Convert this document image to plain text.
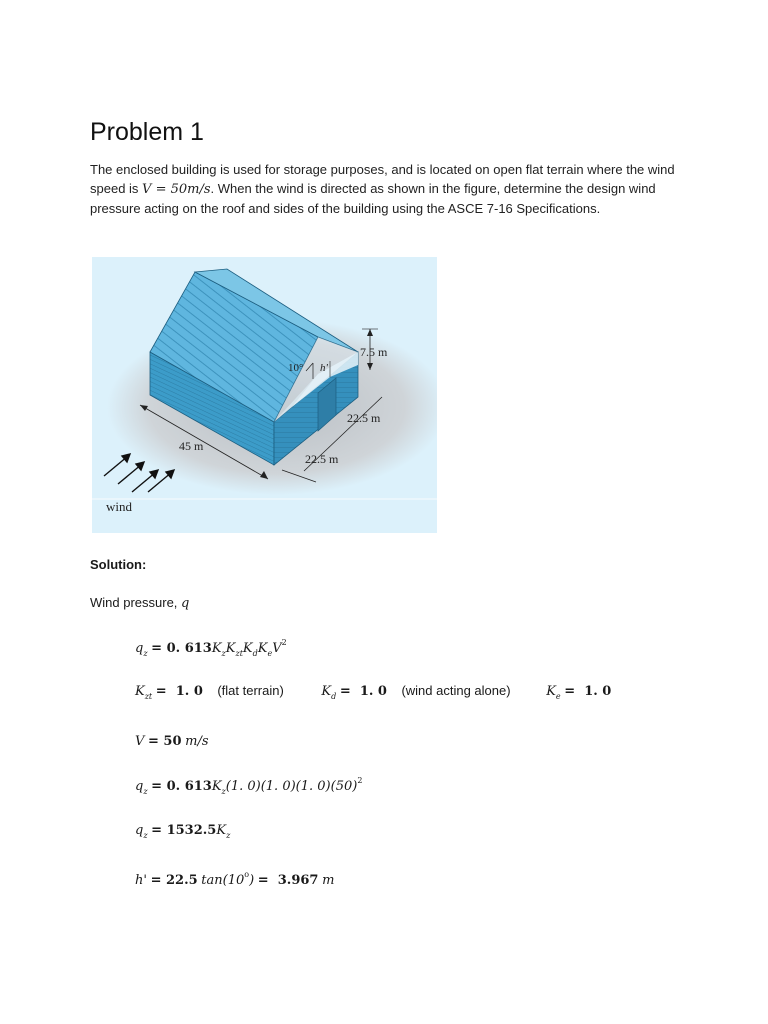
Problem 1
The enclosed building is used for storage purposes, and is located on open flat terrain where the wind speed is V = 50m/s. When the wind is directed as shown in the figure, determine the design wind pressure acting on the roof and sides of the building using the ASCE 7-16 Specifications.
7.5 m
10° h'
22.5 m
22.5 m
45 m
wind
Solution:
Wind pressure, q
$q_z = 0$. $613K_zK_{zt}K_dK_eV^2$
$K_{zt} = 1$. 0 (flat terrain)	$K_d = 1$. 0 (wind acting alone)	$K_e = 1$. 0
V = 50 m/s
$q_z = 0$. $613K_z(1$. 0)(1. 0)(1. $0)(50)^2$
$q_z = 1532.5K_z$
h' = 22.5 $\tan(10^o) = 3.967$ m
